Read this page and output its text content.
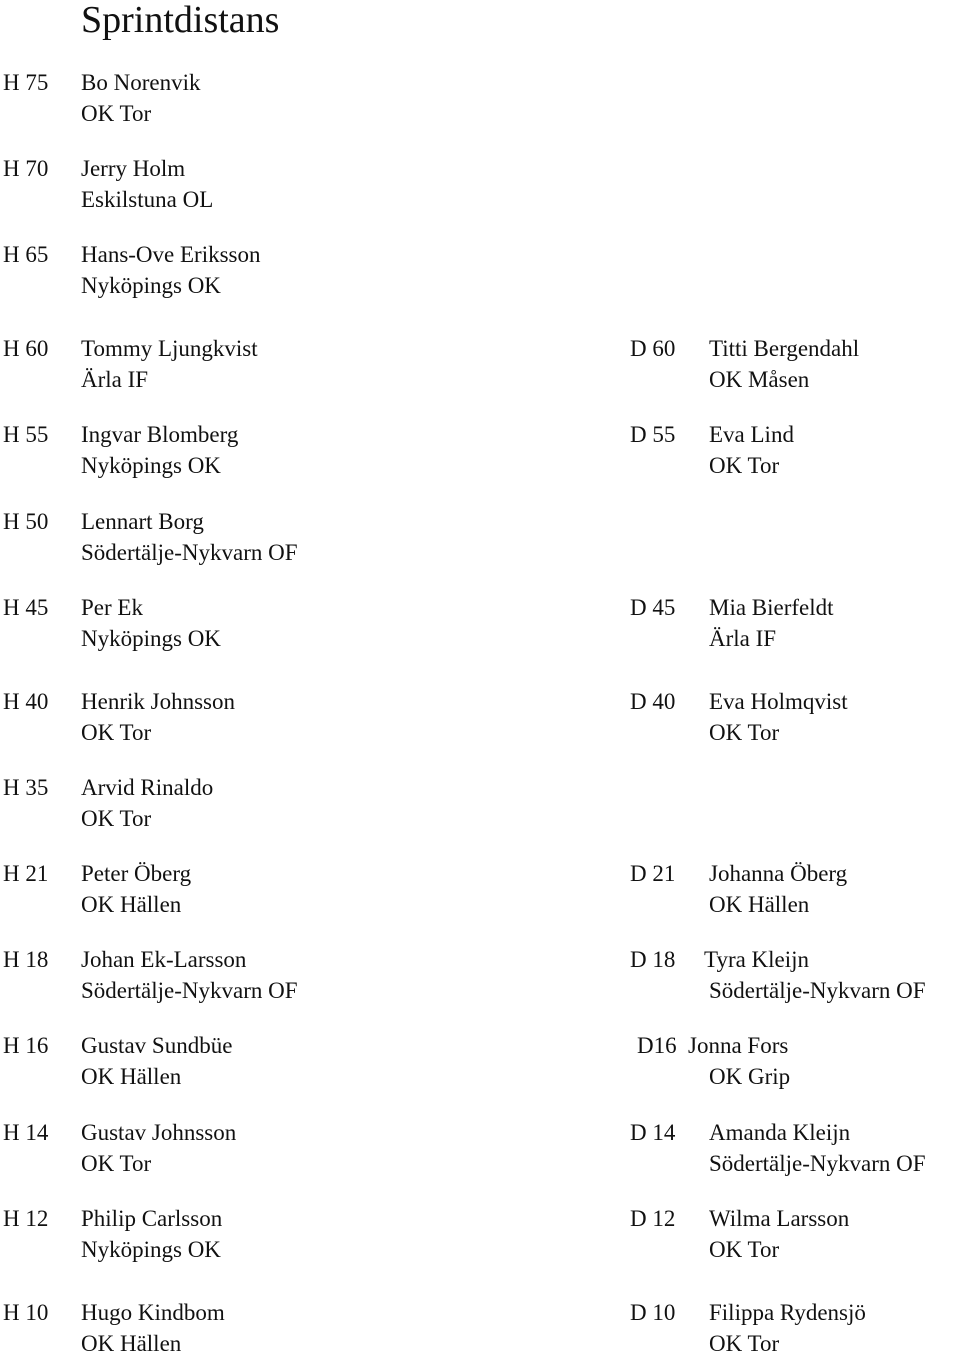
Sprintdistans
H 75 Bo Norenvik
OK Tor
H 70 Jerry Holm
Eskilstuna OL
H 65 Hans-Ove Eriksson
Nyköpings OK
H 60 Tommy Ljungkvist
Ärla IF
H 55 Ingvar Blomberg
Nyköpings OK
H 50 Lennart Borg
Södertälje-Nykvarn OF
H 45 Per Ek
Nyköpings OK
H 40 Henrik Johnsson
OK Tor
H 35 Arvid Rinaldo
OK Tor
H 21 Peter Öberg
OK Hällen
H 18 Johan Ek-Larsson
Södertälje-Nykvarn OF
H 16 Gustav Sundbüe
OK Hällen
H 14 Gustav Johnsson
OK Tor
H 12 Philip Carlsson
Nyköpings OK
H 10 Hugo Kindbom
OK Hällen
D 60 Titti Bergendahl
OK Måsen
D 55 Eva Lind
OK Tor
D 45 Mia Bierfeldt
Ärla IF
D 40 Eva Holmqvist
OK Tor
D 21 Johanna Öberg
OK Hällen
D 18 Tyra Kleijn
Södertälje-Nykvarn OF
D16 Jonna Fors
OK Grip
D 14 Amanda Kleijn
Södertälje-Nykvarn OF
D 12 Wilma Larsson
OK Tor
D 10 Filippa Rydensjö
OK Tor
